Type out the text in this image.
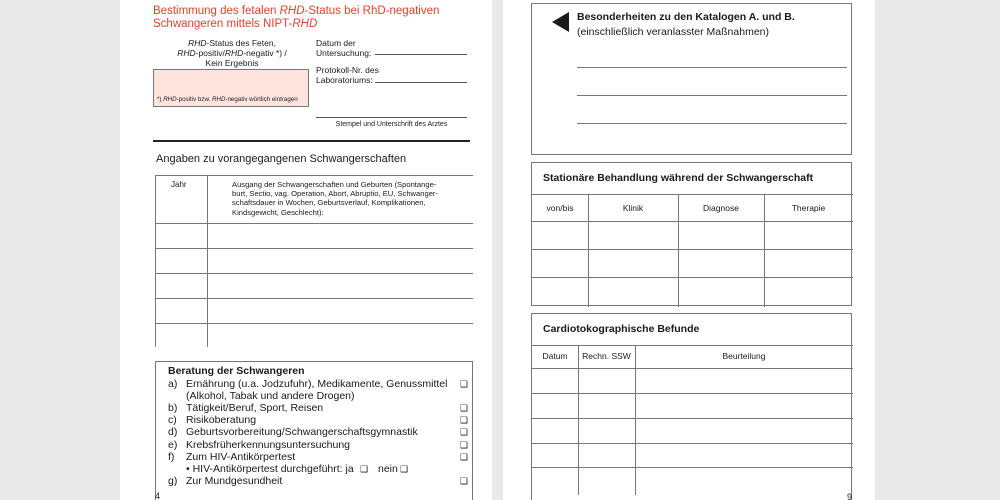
Bestimmung des fetalen RHD-Status bei RhD-negativen
Schwangeren mittels NIPT-RHD
RHD-Status des Feten,
RHD-positiv/RHD-negativ *) /
Kein Ergebnis
*) RHD-positiv bzw. RHD-negativ wörtlich eintragen
Datum der
Untersuchung:
Protokoll-Nr. des
Laboratoriums:
Stempel und Unterschrift des Arztes
Angaben zu vorangegangenen Schwangerschaften
Jahr	Ausgang der Schwangerschaften und Geburten (Spontange-
burt, Sectio, vag. Operation, Abort, Abruptio, EU, Schwanger-
schaftsdauer in Wochen, Geburtsverlauf, Komplikationen,
Kindsgewicht, Geschlecht):
Beratung der Schwangeren
a) Ernährung (u.a. Jodzufuhr), Medikamente, Genussmittel ❑
(Alkohol, Tabak und andere Drogen)
b) Tätigkeit/Beruf, Sport, Reisen	❑
c) Risikoberatung	❑
d) Geburtsvorbereitung/Schwangerschaftsgymnastik	❑
e) Krebsfrüherkennungsuntersuchung	❑
f) Zum HIV-Antikörpertest	❑
• HIV-Antikörpertest durchgeführt: ja ❑ nein ❑
g) Zur Mundgesundheit	❑
4
Besonderheiten zu den Katalogen A. und B.
(einschließlich veranlasster Maßnahmen)
Stationäre Behandlung während der Schwangerschaft
von/bis	Klinik	Diagnose	Therapie
Cardiotokographische Befunde
Datum	Rechn. SSW	Beurteilung
9
